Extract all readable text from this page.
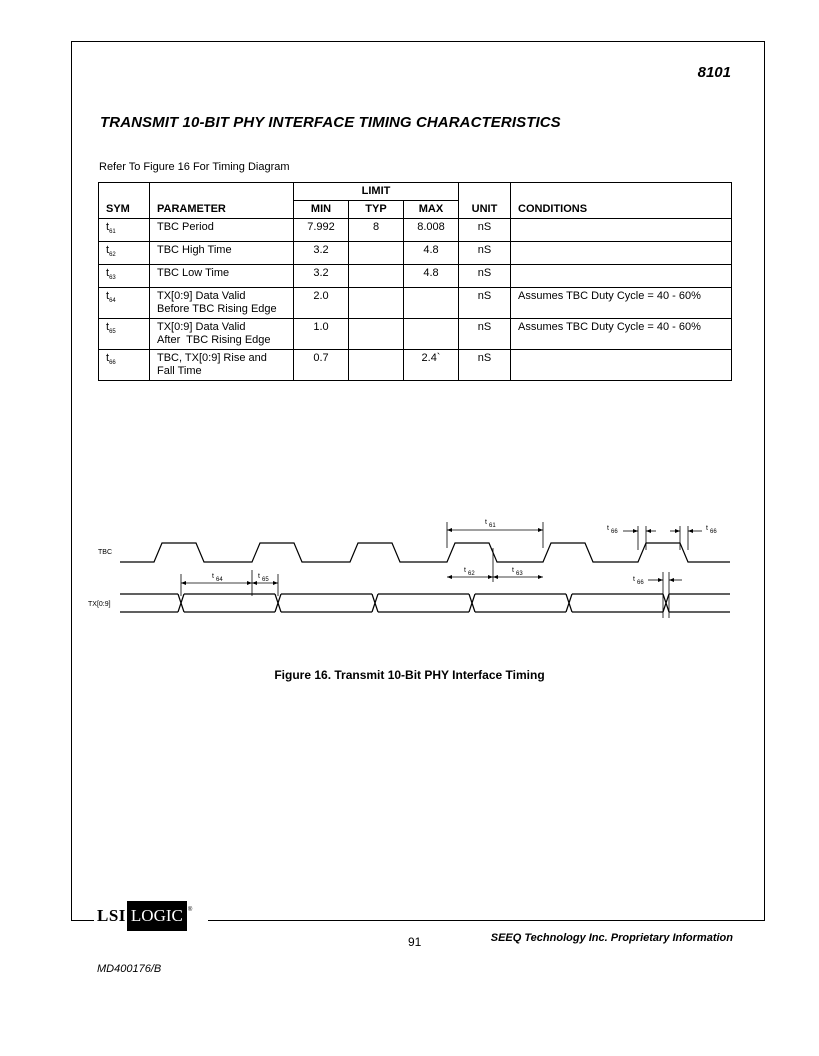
8101
TRANSMIT 10-BIT PHY INTERFACE TIMING CHARACTERISTICS
Refer To Figure 16 For Timing Diagram
		LIMIT				
SYM	PARAMETER	MIN	TYP	MAX	UNIT	CONDITIONS
$t_{61}$	TBC Period	7.992	8	8.008	nS	
$t_{62}$	TBC High Time	3.2		4.8	nS	
$t_{63}$	TBC Low Time	3.2		4.8	nS	
$t_{64}$	TX[0:9] Data Valid
Before TBC Rising Edge	2.0			nS	Assumes TBC Duty Cycle = 40 - 60%
$t_{65}$	TX[0:9] Data Valid
After  TBC Rising Edge	1.0			nS	Assumes TBC Duty Cycle = 40 - 60%
$t_{66}$	TBC, TX[0:9] Rise and
Fall Time	0.7		2.4`	nS	
TBC
TX[0:9]
t 61
t 62	t 63
t 64	t 65
t 66	t 66
t 66
Figure 16. Transmit 10-Bit PHY Interface Timing
LSI LOGIC ®
91	SEEQ Technology Inc. Proprietary Information
MD400176/B
